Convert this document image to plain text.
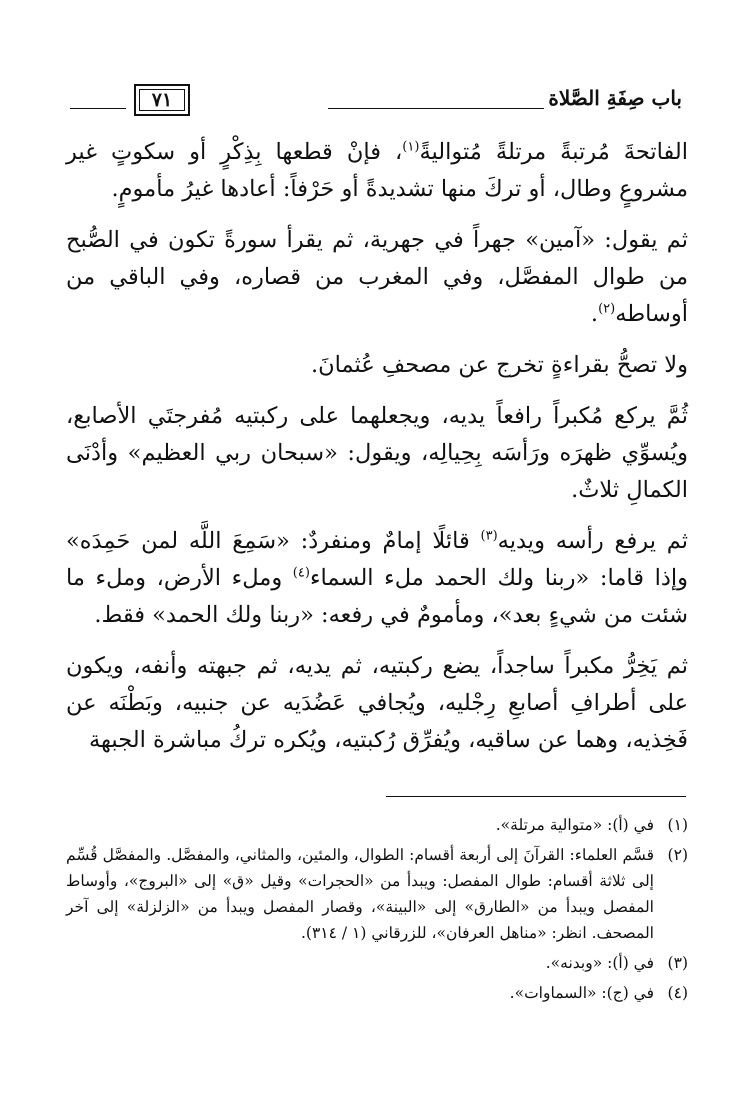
باب صِفَةِ الصَّلاة
٧١

الفاتحةَ مُرتبةً مرتلةً مُتواليةً$^{(١)}$، فإنْ قطعها بِذِكْرٍ أو سكوتٍ غير مشروعٍ وطال، أو تركَ منها تشديدةً أو حَرْفاً: أعادها غيرُ مأمومٍ.

ثم يقول: «آمين» جهراً في جهرية، ثم يقرأ سورةً تكون في الصُّبح من طوال المفصَّل، وفي المغرب من قصاره، وفي الباقي من أوساطه$^{(٢)}$.

ولا تصحُّ بقراءةٍ تخرج عن مصحفِ عُثمانَ.

ثُمَّ يركع مُكبراً رافعاً يديه، ويجعلهما على ركبتيه مُفرجتَي الأصابع، ويُسوِّي ظهرَه ورَأسَه بِحِيالِه، ويقول: «سبحان ربي العظيم» وأدْنَى الكمالِ ثلاثٌ.

ثم يرفع رأسه ويديه$^{(٣)}$ قائلًا إمامٌ ومنفردٌ: «سَمِعَ اللَّه لمن حَمِدَه» وإذا قاما: «ربنا ولك الحمد ملء السماء$^{(٤)}$ وملء الأرض، وملء ما شئت من شيءٍ بعد»، ومأمومٌ في رفعه: «ربنا ولك الحمد» فقط.

ثم يَخِرُّ مكبراً ساجداً، يضع ركبتيه، ثم يديه، ثم جبهته وأنفه، ويكون على أطرافِ أصابعِ رِجْليه، ويُجافي عَضُدَيه عن جنبيه، وبَطْنَه عن فَخِذيه، وهما عن ساقيه، ويُفرِّق رُكبتيه، ويُكره تركُ مباشرة الجبهة

(١)
في (أ): «متوالية مرتلة».

(٢)
قسَّم العلماء: القرآنَ إلى أربعة أقسام: الطوال، والمئين، والمثاني، والمفصَّل. والمفصَّل قُسِّم إلى ثلاثة أقسام: طوال المفصل: ويبدأ من «الحجرات» وقيل «ق» إلى «البروج»، وأوساط المفصل ويبدأ من «الطارق» إلى «البينة»، وقصار المفصل ويبدأ من «الزلزلة» إلى آخر المصحف. انظر: «مناهل العرفان»، للزرقاني (١ / ٣١٤).

(٣)
في (أ): «وبدنه».

(٤)
في (ج): «السماوات».
